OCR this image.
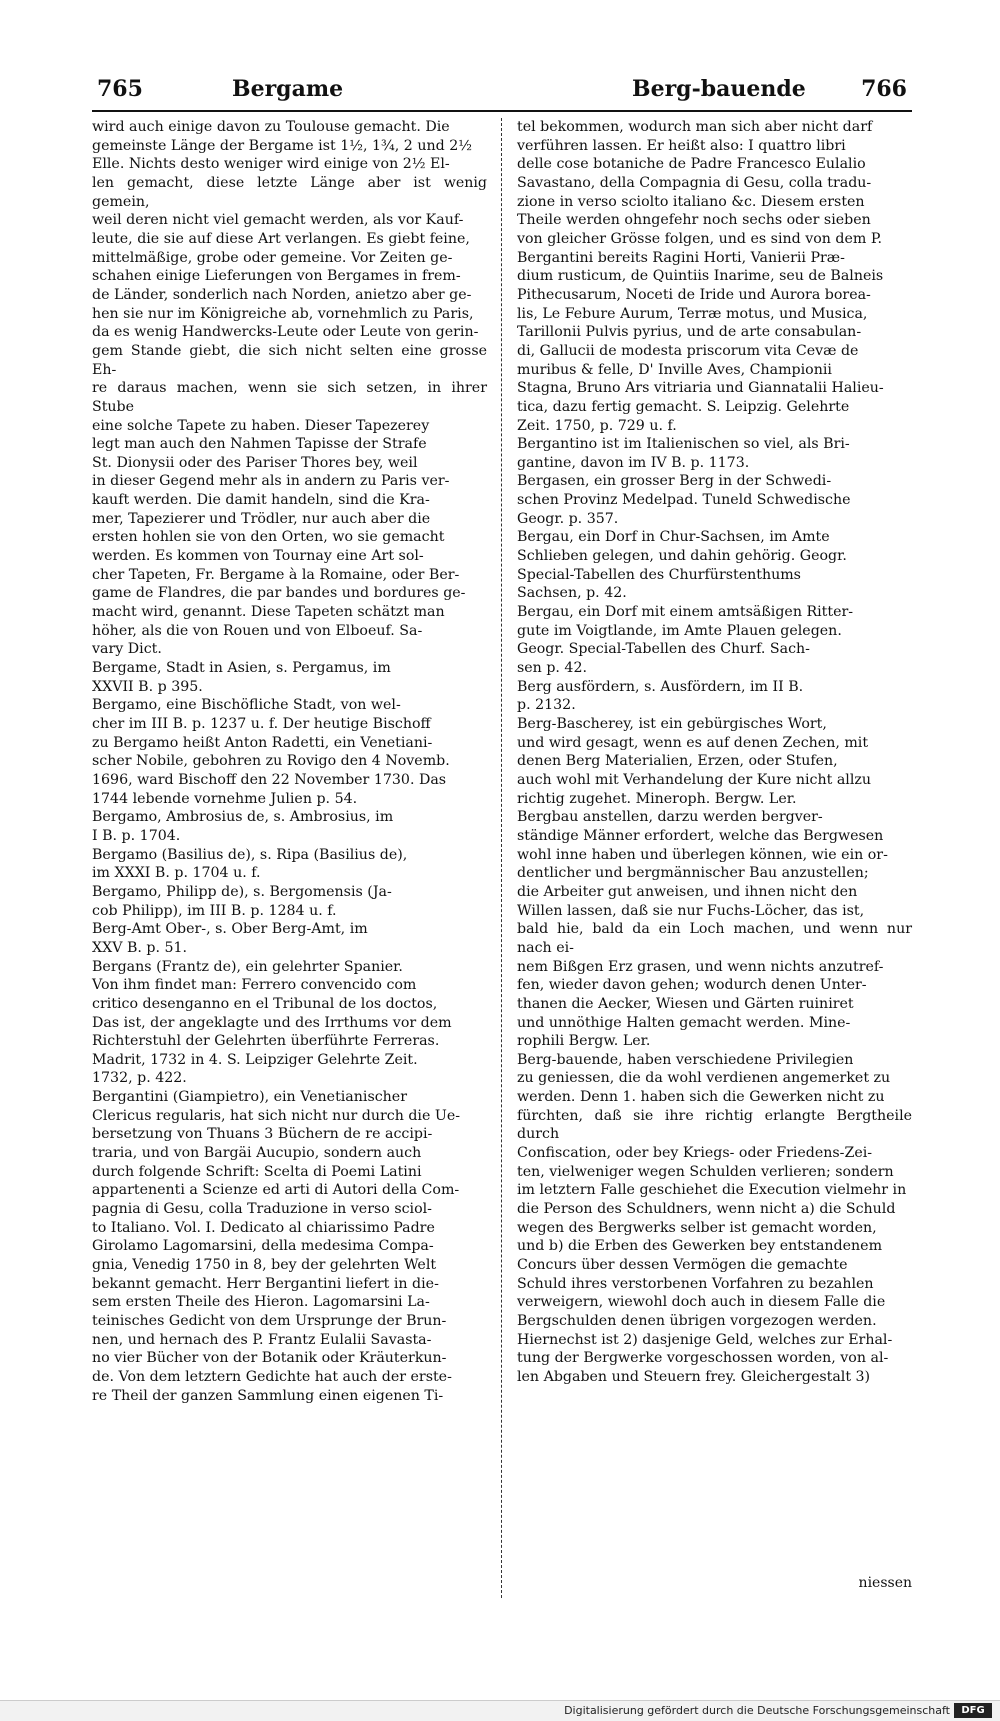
765	Bergame	Berg-bauende	766
wird auch einige davon zu Toulouse gemacht. Die
gemeinste Länge der Bergame ist 1½, 1¾, 2 und 2½
Elle. Nichts desto weniger wird einige von 2½ El-
len gemacht, diese letzte Länge aber ist wenig gemein,
weil deren nicht viel gemacht werden, als vor Kauf-
leute, die sie auf diese Art verlangen. Es giebt feine,
mittelmäßige, grobe oder gemeine. Vor Zeiten ge-
schahen einige Lieferungen von Bergames in frem-
de Länder, sonderlich nach Norden, anietzo aber ge-
hen sie nur im Königreiche ab, vornehmlich zu Paris,
da es wenig Handwercks-Leute oder Leute von gerin-
gem Stande giebt, die sich nicht selten eine grosse Eh-
re daraus machen, wenn sie sich setzen, in ihrer Stube
eine solche Tapete zu haben. Dieser Tapezerey
legt man auch den Nahmen Tapisse der Strafe
St. Dionysii oder des Pariser Thores bey, weil
in dieser Gegend mehr als in andern zu Paris ver-
kauft werden. Die damit handeln, sind die Kra-
mer, Tapezierer und Trödler, nur auch aber die
ersten hohlen sie von den Orten, wo sie gemacht
werden. Es kommen von Tournay eine Art sol-
cher Tapeten, Fr. Bergame à la Romaine, oder Ber-
game de Flandres, die par bandes und bordures ge-
macht wird, genannt. Diese Tapeten schätzt man
höher, als die von Rouen und von Elboeuf. Sa-
vary Dict.
Bergame, Stadt in Asien, s. Pergamus, im
XXVII B. p 395.
Bergamo, eine Bischöfliche Stadt, von wel-
cher im III B. p. 1237 u. f. Der heutige Bischoff
zu Bergamo heißt Anton Radetti, ein Venetiani-
scher Nobile, gebohren zu Rovigo den 4 Novemb.
1696, ward Bischoff den 22 November 1730. Das
1744 lebende vornehme Julien p. 54.
Bergamo, Ambrosius de, s. Ambrosius, im
I B. p. 1704.
Bergamo (Basilius de), s. Ripa (Basilius de),
im XXXI B. p. 1704 u. f.
Bergamo, Philipp de), s. Bergomensis (Ja-
cob Philipp), im III B. p. 1284 u. f.
Berg-Amt Ober-, s. Ober Berg-Amt, im
XXV B. p. 51.
Bergans (Frantz de), ein gelehrter Spanier.
Von ihm findet man: Ferrero convencido com
critico desenganno en el Tribunal de los doctos,
Das ist, der angeklagte und des Irrthums vor dem
Richterstuhl der Gelehrten überführte Ferreras.
Madrit, 1732 in 4. S. Leipziger Gelehrte Zeit.
1732, p. 422.
Bergantini (Giampietro), ein Venetianischer
Clericus regularis, hat sich nicht nur durch die Ue-
bersetzung von Thuans 3 Büchern de re accipi-
traria, und von Bargäi Aucupio, sondern auch
durch folgende Schrift: Scelta di Poemi Latini
appartenenti a Scienze ed arti di Autori della Com-
pagnia di Gesu, colla Traduzione in verso sciol-
to Italiano. Vol. I. Dedicato al chiarissimo Padre
Girolamo Lagomarsini, della medesima Compa-
gnia, Venedig 1750 in 8, bey der gelehrten Welt
bekannt gemacht. Herr Bergantini liefert in die-
sem ersten Theile des Hieron. Lagomarsini La-
teinisches Gedicht von dem Ursprunge der Brun-
nen, und hernach des P. Frantz Eulalii Savasta-
no vier Bücher von der Botanik oder Kräuterkun-
de. Von dem letztern Gedichte hat auch der erste-
re Theil der ganzen Sammlung einen eigenen Ti-
tel bekommen, wodurch man sich aber nicht darf
verführen lassen. Er heißt also: I quattro libri
delle cose botaniche de Padre Francesco Eulalio
Savastano, della Compagnia di Gesu, colla tradu-
zione in verso sciolto italiano &c. Diesem ersten
Theile werden ohngefehr noch sechs oder sieben
von gleicher Grösse folgen, und es sind von dem P.
Bergantini bereits Ragini Horti, Vanierii Præ-
dium rusticum, de Quintiis Inarime, seu de Balneis
Pithecusarum, Noceti de Iride und Aurora borea-
lis, Le Febure Aurum, Terræ motus, und Musica,
Tarillonii Pulvis pyrius, und de arte consabulan-
di, Gallucii de modesta priscorum vita Cevæ de
muribus & felle, D' Inville Aves, Championii
Stagna, Bruno Ars vitriaria und Giannatalii Halieu-
tica, dazu fertig gemacht. S. Leipzig. Gelehrte
Zeit. 1750, p. 729 u. f.
Bergantino ist im Italienischen so viel, als Bri-
gantine, davon im IV B. p. 1173.
Bergasen, ein grosser Berg in der Schwedi-
schen Provinz Medelpad. Tuneld Schwedische
Geogr. p. 357.
Bergau, ein Dorf in Chur-Sachsen, im Amte
Schlieben gelegen, und dahin gehörig. Geogr.
Special-Tabellen des Churfürstenthums
Sachsen, p. 42.
Bergau, ein Dorf mit einem amtsäßigen Ritter-
gute im Voigtlande, im Amte Plauen gelegen.
Geogr. Special-Tabellen des Churf. Sach-
sen p. 42.
Berg ausfördern, s. Ausfördern, im II B.
p. 2132.
Berg-Bascherey, ist ein gebürgisches Wort,
und wird gesagt, wenn es auf denen Zechen, mit
denen Berg Materialien, Erzen, oder Stufen,
auch wohl mit Verhandelung der Kure nicht allzu
richtig zugehet. Mineroph. Bergw. Ler.
Bergbau anstellen, darzu werden bergver-
ständige Männer erfordert, welche das Bergwesen
wohl inne haben und überlegen können, wie ein or-
dentlicher und bergmännischer Bau anzustellen;
die Arbeiter gut anweisen, und ihnen nicht den
Willen lassen, daß sie nur Fuchs-Löcher, das ist,
bald hie, bald da ein Loch machen, und wenn nur nach ei-
nem Bißgen Erz grasen, und wenn nichts anzutref-
fen, wieder davon gehen; wodurch denen Unter-
thanen die Aecker, Wiesen und Gärten ruiniret
und unnöthige Halten gemacht werden. Mine-
rophili Bergw. Ler.
Berg-bauende, haben verschiedene Privilegien
zu geniessen, die da wohl verdienen angemerket zu
werden. Denn 1. haben sich die Gewerken nicht zu
fürchten, daß sie ihre richtig erlangte Bergtheile durch
Confiscation, oder bey Kriegs- oder Friedens-Zei-
ten, vielweniger wegen Schulden verlieren; sondern
im letztern Falle geschiehet die Execution vielmehr in
die Person des Schuldners, wenn nicht a) die Schuld
wegen des Bergwerks selber ist gemacht worden,
und b) die Erben des Gewerken bey entstandenem
Concurs über dessen Vermögen die gemachte
Schuld ihres verstorbenen Vorfahren zu bezahlen
verweigern, wiewohl doch auch in diesem Falle die
Bergschulden denen übrigen vorgezogen werden.
Hiernechst ist 2) dasjenige Geld, welches zur Erhal-
tung der Bergwerke vorgeschossen worden, von al-
len Abgaben und Steuern frey. Gleichergestalt 3)
niessen
Digitalisierung gefördert durch die Deutsche Forschungsgemeinschaft	DFG
